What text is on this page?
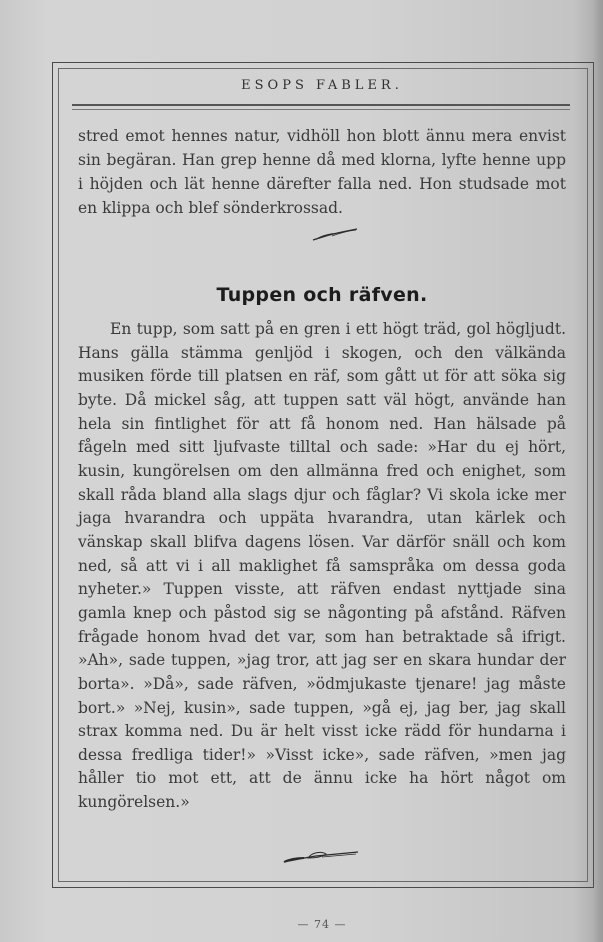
ESOPS FABLER.

stred emot hennes natur, vidhöll hon blott ännu mera envist sin begäran. Han grep henne då med klorna, lyfte henne upp i höjden och lät henne därefter falla ned. Hon studsade mot en klippa och blef sönderkrossad.

Tuppen och räfven.

En tupp, som satt på en gren i ett högt träd, gol högljudt. Hans gälla stämma genljöd i skogen, och den välkända musiken förde till platsen en räf, som gått ut för att söka sig byte. Då mickel såg, att tuppen satt väl högt, använde han hela sin fintlighet för att få honom ned. Han hälsade på fågeln med sitt ljufvaste tilltal och sade: »Har du ej hört, kusin, kungörelsen om den allmänna fred och enighet, som skall råda bland alla slags djur och fåglar? Vi skola icke mer jaga hvarandra och uppäta hvarandra, utan kärlek och vänskap skall blifva dagens lösen. Var därför snäll och kom ned, så att vi i all maklighet få samspråka om dessa goda nyheter.» Tuppen visste, att räfven endast nyttjade sina gamla knep och påstod sig se någonting på afstånd. Räfven frågade honom hvad det var, som han betraktade så ifrigt. »Ah», sade tuppen, »jag tror, att jag ser en skara hundar der borta». »Då», sade räfven, »ödmjukaste tjenare! jag måste bort.» »Nej, kusin», sade tuppen, »gå ej, jag ber, jag skall strax komma ned. Du är helt visst icke rädd för hundarna i dessa fredliga tider!» »Visst icke», sade räfven, »men jag håller tio mot ett, att de ännu icke ha hört något om kungörelsen.»

— 74 —
